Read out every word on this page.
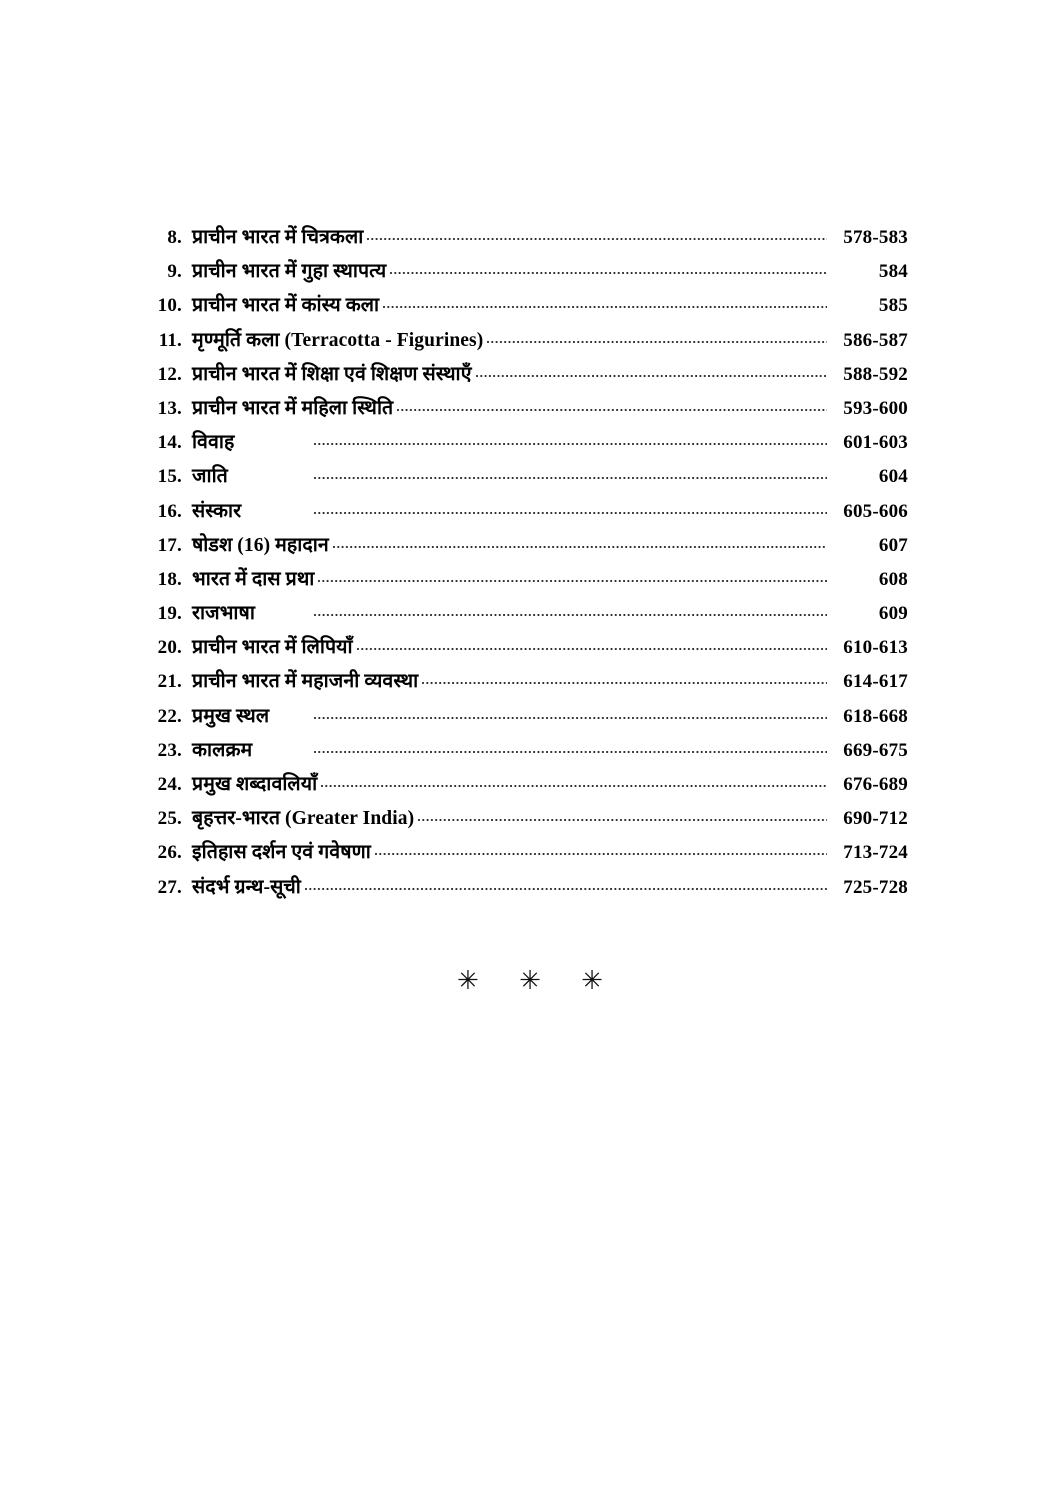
8. प्राचीन भारत में चित्रकला	578-583
9. प्राचीन भारत में गुहा स्थापत्य	584
10. प्राचीन भारत में कांस्य कला	585
11. मृण्मूर्ति कला (Terracotta - Figurines)	586-587
12. प्राचीन भारत में शिक्षा एवं शिक्षण संस्थाएँ	588-592
13. प्राचीन भारत में महिला स्थिति	593-600
14. विवाह	601-603
15. जाति	604
16. संस्कार	605-606
17. षोडश (16) महादान	607
18. भारत में दास प्रथा	608
19. राजभाषा	609
20. प्राचीन भारत में लिपियाँ	610-613
21. प्राचीन भारत में महाजनी व्यवस्था	614-617
22. प्रमुख स्थल	618-668
23. कालक्रम	669-675
24. प्रमुख शब्दावलियाँ	676-689
25. बृहत्तर-भारत (Greater India)	690-712
26. इतिहास दर्शन एवं गवेषणा	713-724
27. संदर्भ ग्रन्थ-सूची	725-728
✳ ✳ ✳
